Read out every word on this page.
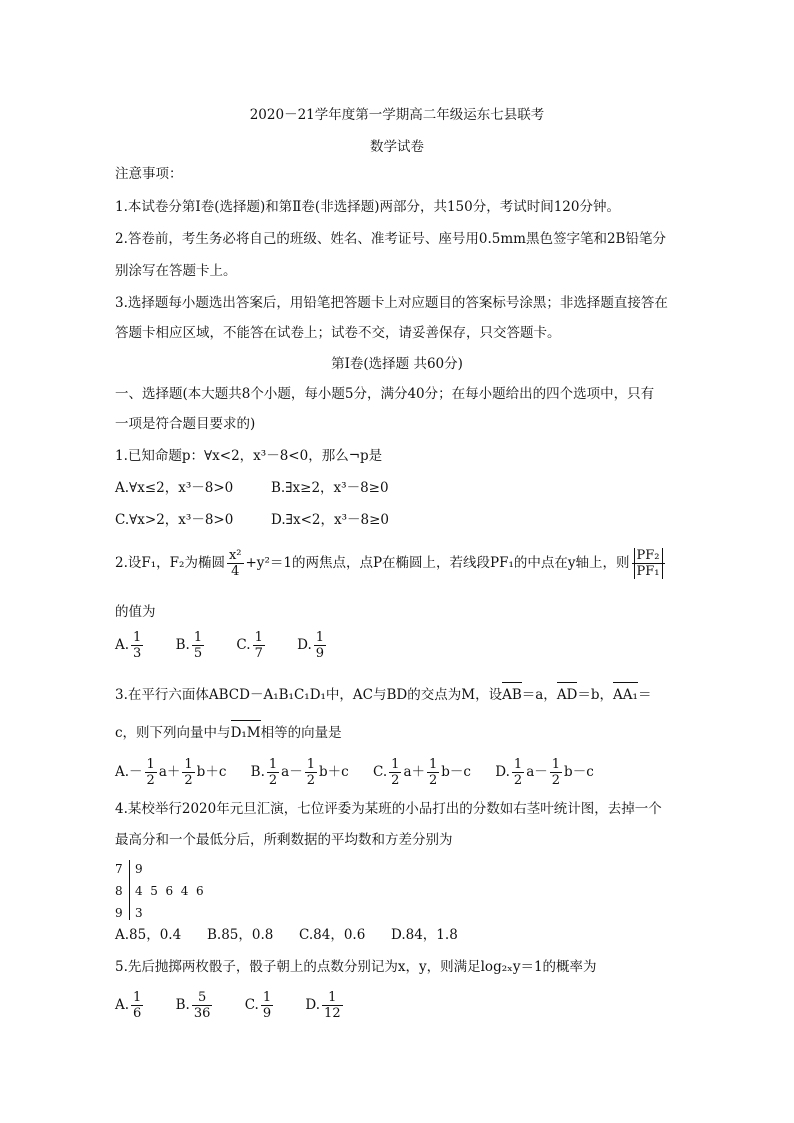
2020－21学年度第一学期高二年级运东七县联考
数学试卷
注意事项：
1.本试卷分第Ⅰ卷(选择题)和第Ⅱ卷(非选择题)两部分，共150分，考试时间120分钟。
2.答卷前，考生务必将自己的班级、姓名、准考证号、座号用0.5mm黑色签字笔和2B铅笔分
别涂写在答题卡上。
3.选择题每小题选出答案后，用铅笔把答题卡上对应题目的答案标号涂黑；非选择题直接答在
答题卡相应区域，不能答在试卷上；试卷不交，请妥善保存，只交答题卡。
第Ⅰ卷(选择题 共60分)
一、选择题(本大题共8个小题，每小题5分，满分40分；在每小题给出的四个选项中，只有
一项是符合题目要求的)
1.已知命题p：∀x<2，x³－8<0，那么¬p是
A.∀x≤2，x³－8>0	B.∃x≥2，x³－8≥0
C.∀x>2，x³－8>0	D.∃x<2，x³－8≥0
2.设F₁，F₂为椭圆 $\frac{\text{x²}}{4} +y^2=1$的两焦点，点P在椭圆上，若线段PF₁的中点在y轴上，则 $\frac{\text{PF₂}}{\text{PF₁}}$
的值为
A. $\frac{1}{3} B$. $\frac{1}{5} C$. $\frac{1}{7} D$. $\frac{1}{9}$
3.在平行六面体ABCD－A₁B₁C₁D₁中，AC与BD的交点为M，设AB＝a，AD＝b，AA₁＝
c，则下列向量中与D₁M相等的向量是
$A.- \frac{1}{2} a+ \frac{1}{2} b+c$ B. $\frac{1}{2} a- \frac{1}{2} b+c$ C. $\frac{1}{2} a+ \frac{1}{2} b-c$ D. $\frac{1}{2} a- \frac{1}{2} b-c$
4.某校举行2020年元旦汇演，七位评委为某班的小品打出的分数如右茎叶统计图，去掉一个
最高分和一个最低分后，所剩数据的平均数和方差分别为
7
8
9
9
4  5  6  4  6
3
A.85，0.4 B.85，0.8 C.84，0.6 D.84，1.8
5.先后抛掷两枚骰子，骰子朝上的点数分别记为x，y，则满足log₂ₓy＝1的概率为
A. $\frac{1}{6} B$. $\frac{5}{36} C$. $\frac{1}{9} D$. $\frac{1}{12}$
